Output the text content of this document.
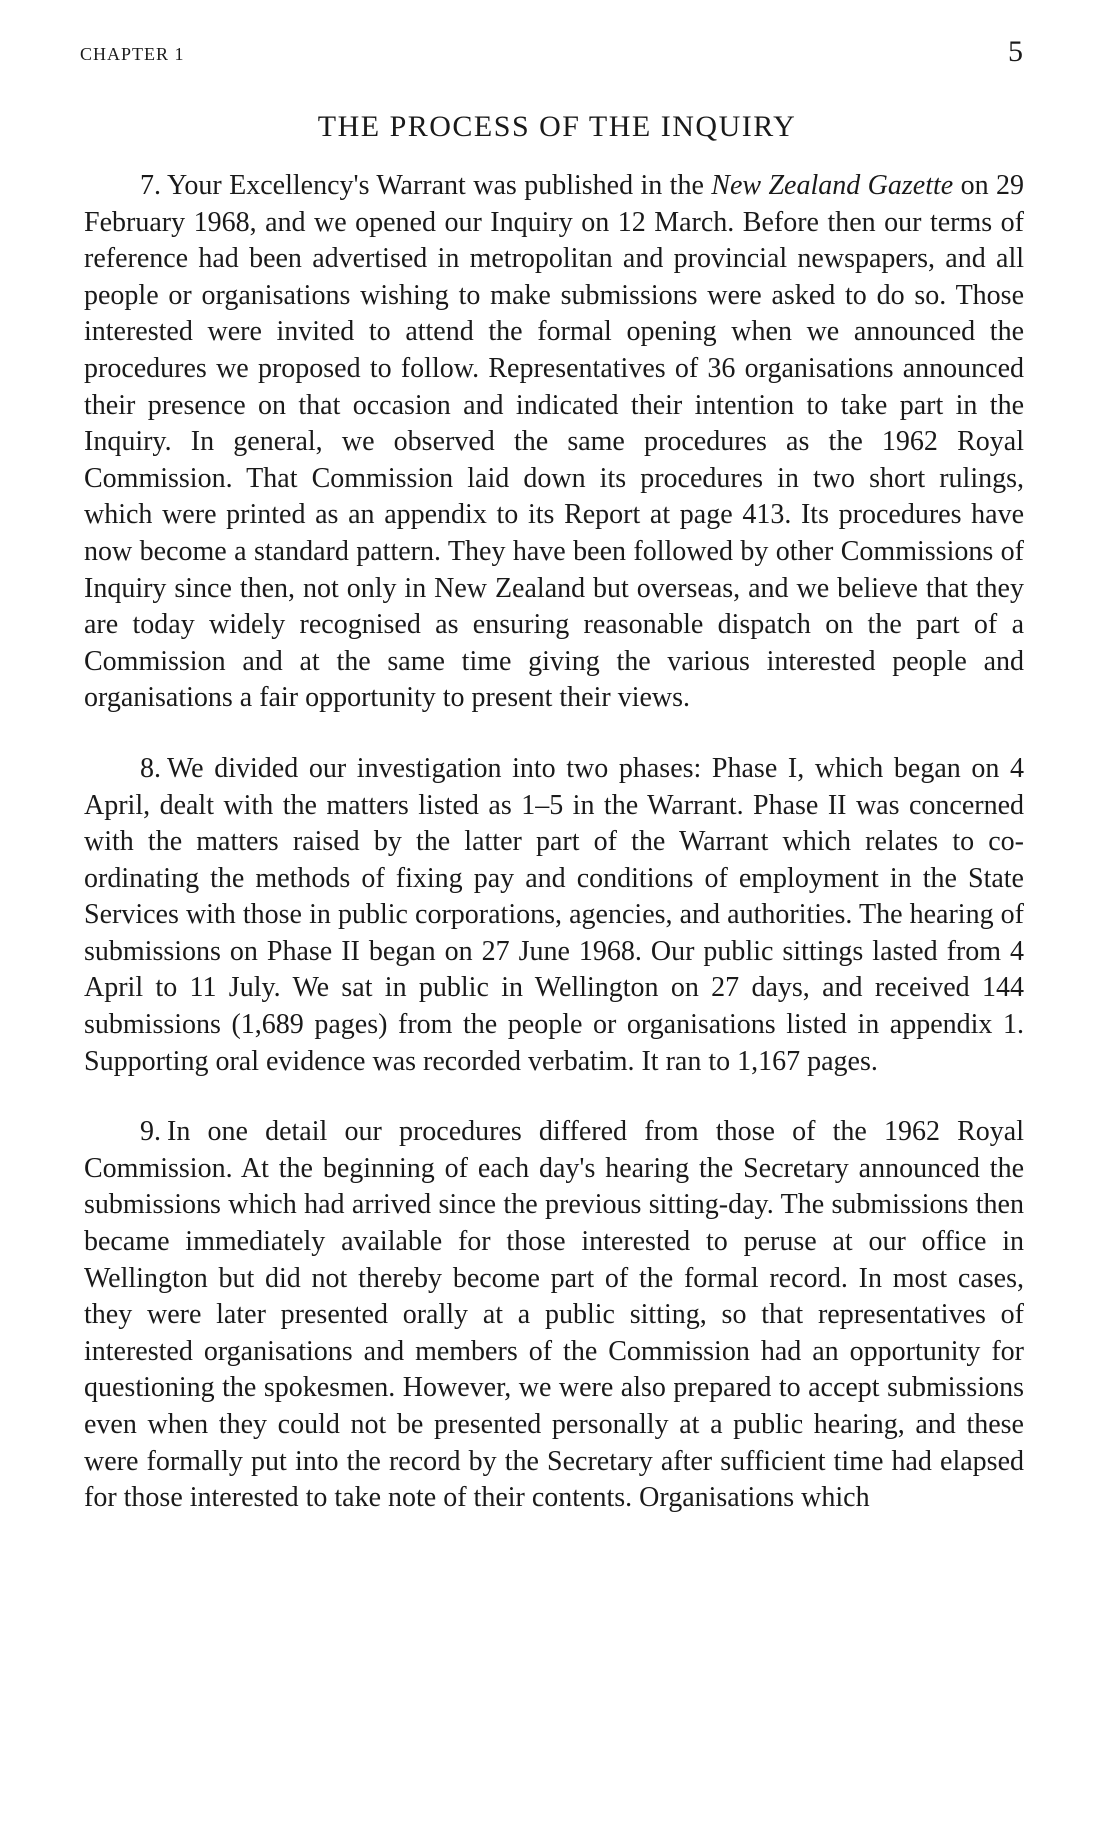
CHAPTER 1	5
THE PROCESS OF THE INQUIRY

7. Your Excellency's Warrant was published in the New Zealand Gazette on 29 February 1968, and we opened our Inquiry on 12 March. Before then our terms of reference had been advertised in metropolitan and provincial newspapers, and all people or organisations wishing to make submissions were asked to do so. Those interested were invited to attend the formal opening when we announced the procedures we proposed to follow. Representatives of 36 organisations announced their presence on that occasion and indicated their intention to take part in the Inquiry. In general, we observed the same procedures as the 1962 Royal Commission. That Commission laid down its procedures in two short rulings, which were printed as an appendix to its Report at page 413. Its procedures have now become a standard pattern. They have been followed by other Commissions of Inquiry since then, not only in New Zealand but overseas, and we believe that they are today widely recognised as ensuring reasonable dispatch on the part of a Commission and at the same time giving the various interested people and organisations a fair opportunity to present their views.

8. We divided our investigation into two phases: Phase I, which began on 4 April, dealt with the matters listed as 1–5 in the Warrant. Phase II was concerned with the matters raised by the latter part of the Warrant which relates to co-ordinating the methods of fixing pay and conditions of employment in the State Services with those in public corporations, agencies, and authorities. The hearing of submissions on Phase II began on 27 June 1968. Our public sittings lasted from 4 April to 11 July. We sat in public in Wellington on 27 days, and received 144 submissions (1,689 pages) from the people or organisations listed in appendix 1. Supporting oral evidence was recorded verbatim. It ran to 1,167 pages.

9. In one detail our procedures differed from those of the 1962 Royal Commission. At the beginning of each day's hearing the Secretary announced the submissions which had arrived since the previous sitting-day. The submissions then became immediately available for those interested to peruse at our office in Wellington but did not thereby become part of the formal record. In most cases, they were later presented orally at a public sitting, so that representatives of interested organisations and members of the Commission had an opportunity for questioning the spokesmen. However, we were also prepared to accept submissions even when they could not be presented personally at a public hearing, and these were formally put into the record by the Secretary after sufficient time had elapsed for those interested to take note of their contents. Organisations which
